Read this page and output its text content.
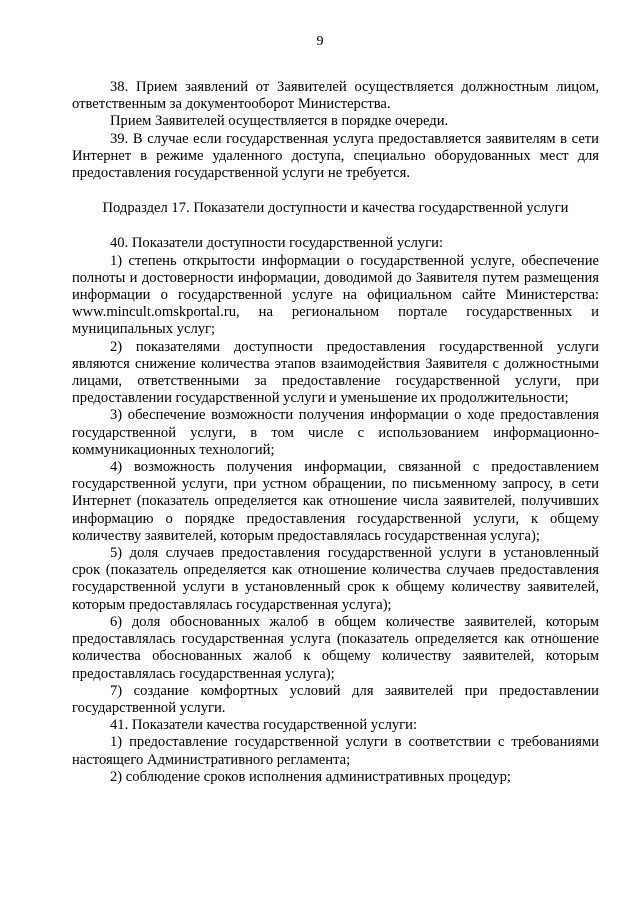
9

38. Прием заявлений от Заявителей осуществляется должностным лицом, ответственным за документооборот Министерства.

Прием Заявителей осуществляется в порядке очереди.

39. В случае если государственная услуга предоставляется заявителям в сети Интернет в режиме удаленного доступа, специально оборудованных мест для предоставления государственной услуги не требуется.

Подраздел 17. Показатели доступности и качества государственной услуги

40. Показатели доступности государственной услуги:

1) степень открытости информации о государственной услуге, обеспечение полноты и достоверности информации, доводимой до Заявителя путем размещения информации о государственной услуге на официальном сайте Министерства: www.mincult.omskportal.ru, на региональном портале государственных и муниципальных услуг;

2) показателями доступности предоставления государственной услуги являются снижение количества этапов взаимодействия Заявителя с должностными лицами, ответственными за предоставление государственной услуги, при предоставлении государственной услуги и уменьшение их продолжительности;

3) обеспечение возможности получения информации о ходе предоставления государственной услуги, в том числе с использованием информационно-коммуникационных технологий;

4) возможность получения информации, связанной с предоставлением государственной услуги, при устном обращении, по письменному запросу, в сети Интернет (показатель определяется как отношение числа заявителей, получивших информацию о порядке предоставления государственной услуги, к общему количеству заявителей, которым предоставлялась государственная услуга);

5) доля случаев предоставления государственной услуги в установленный срок (показатель определяется как отношение количества случаев предоставления государственной услуги в установленный срок к общему количеству заявителей, которым предоставлялась государственная услуга);

6) доля обоснованных жалоб в общем количестве заявителей, которым предоставлялась государственная услуга (показатель определяется как отношение количества обоснованных жалоб к общему количеству заявителей, которым предоставлялась государственная услуга);

7) создание комфортных условий для заявителей при предоставлении государственной услуги.

41. Показатели качества государственной услуги:

1) предоставление государственной услуги в соответствии с требованиями настоящего Административного регламента;

2) соблюдение сроков исполнения административных процедур;
